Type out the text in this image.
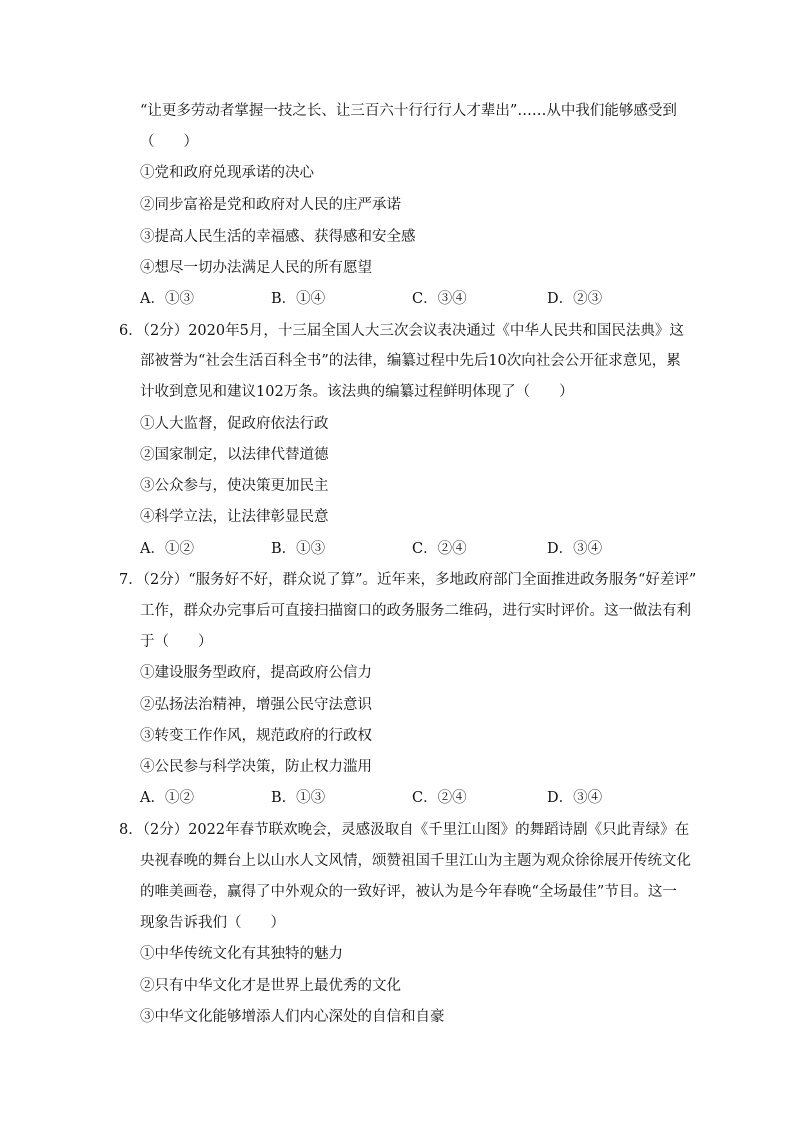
“让更多劳动者掌握一技之长、让三百六十行行行人才辈出”……从中我们能够感受到
（　　）
①党和政府兑现承诺的决心
②同步富裕是党和政府对人民的庄严承诺
③提高人民生活的幸福感、获得感和安全感
④想尽一切办法满足人民的所有愿望
A．①③	B．①④	C．③④	D．②③
6．（2分）2020年5月，十三届全国人大三次会议表决通过《中华人民共和国民法典》这
部被誉为“社会生活百科全书”的法律，编纂过程中先后10次向社会公开征求意见，累
计收到意见和建议102万条。该法典的编纂过程鲜明体现了（　　）
①人大监督，促政府依法行政
②国家制定，以法律代替道德
③公众参与，使决策更加民主
④科学立法，让法律彰显民意
A．①②	B．①③	C．②④	D．③④
7．（2分）“服务好不好，群众说了算”。近年来，多地政府部门全面推进政务服务“好差评”
工作，群众办完事后可直接扫描窗口的政务服务二维码，进行实时评价。这一做法有利
于（　　）
①建设服务型政府，提高政府公信力
②弘扬法治精神，增强公民守法意识
③转变工作作风，规范政府的行政权
④公民参与科学决策，防止权力滥用
A．①②	B．①③	C．②④	D．③④
8．（2分）2022年春节联欢晚会，灵感汲取自《千里江山图》的舞蹈诗剧《只此青绿》在
央视春晚的舞台上以山水人文风情，颂赞祖国千里江山为主题为观众徐徐展开传统文化
的唯美画卷，赢得了中外观众的一致好评，被认为是今年春晚“全场最佳”节目。这一
现象告诉我们（　　）
①中华传统文化有其独特的魅力
②只有中华文化才是世界上最优秀的文化
③中华文化能够增添人们内心深处的自信和自豪
